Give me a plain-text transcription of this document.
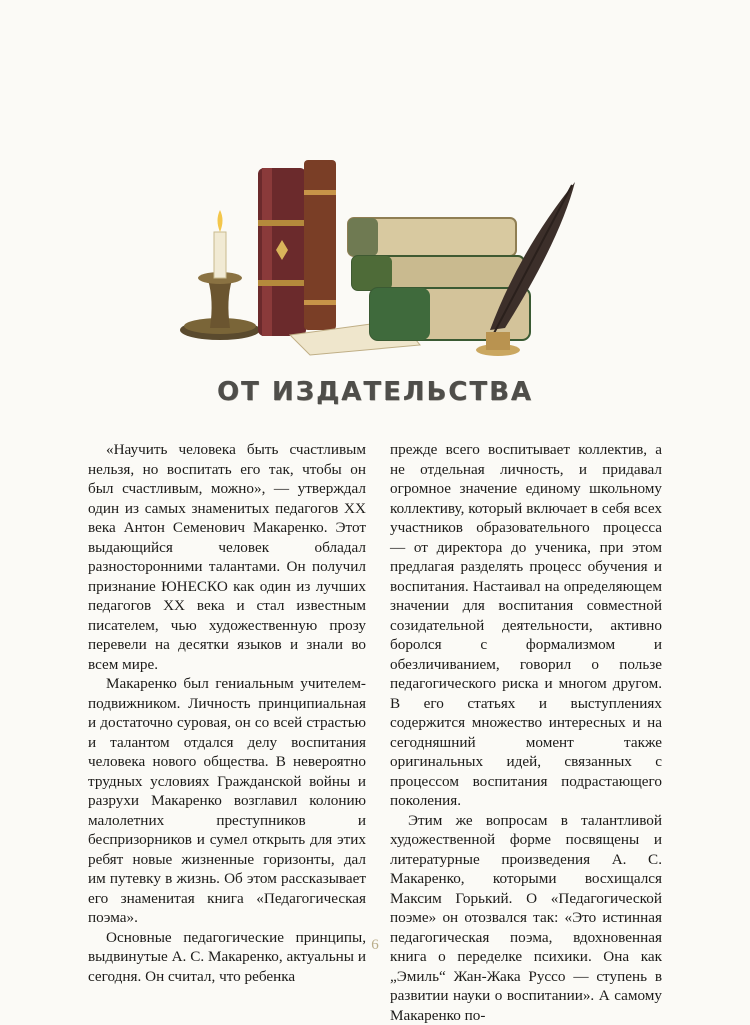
ОТ ИЗДАТЕЛЬСТВА

«Научить человека быть счастливым нельзя, но воспитать его так, чтобы он был счастливым, можно», — утверждал один из самых знаменитых педагогов XX века Антон Семенович Макаренко. Этот выдающийся человек обладал разносторонними талантами. Он получил признание ЮНЕСКО как один из лучших педагогов XX века и стал известным писателем, чью художественную прозу перевели на десятки языков и знали во всем мире.

Макаренко был гениальным учителем-подвижником. Личность принципиальная и достаточно суровая, он со всей страстью и талантом отдался делу воспитания человека нового общества. В невероятно трудных условиях Гражданской войны и разрухи Макаренко возглавил колонию малолетних преступников и беспризорников и сумел открыть для этих ребят новые жизненные горизонты, дал им путевку в жизнь. Об этом рассказывает его знаменитая книга «Педагогическая поэма».

Основные педагогические принципы, выдвинутые А. С. Макаренко, актуальны и сегодня. Он считал, что ребенка

прежде всего воспитывает коллектив, а не отдельная личность, и придавал огромное значение единому школьному коллективу, который включает в себя всех участников образовательного процесса — от директора до ученика, при этом предлагая разделять процесс обучения и воспитания. Настаивал на определяющем значении для воспитания совместной созидательной деятельности, активно боролся с формализмом и обезличиванием, говорил о пользе педагогического риска и многом другом. В его статьях и выступлениях содержится множество интересных и на сегодняшний момент также оригинальных идей, связанных с процессом воспитания подрастающего поколения.

Этим же вопросам в талантливой художественной форме посвящены и литературные произведения А. С. Макаренко, которыми восхищался Максим Горький. О «Педагогической поэме» он отозвался так: «Это истинная педагогическая поэма, вдохновенная книга о переделке психики. Она как „Эмиль“ Жан-Жака Руссо — ступень в развитии науки о воспитании». А самому Макаренко по-

6
